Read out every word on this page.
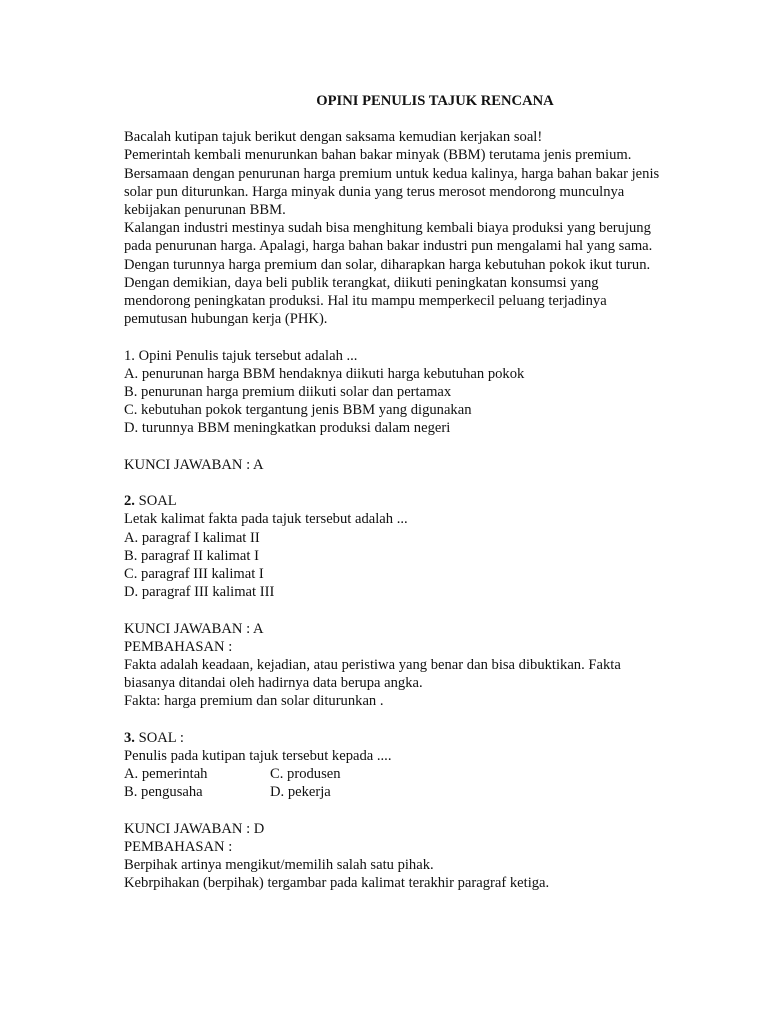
OPINI PENULIS TAJUK RENCANA
Bacalah kutipan tajuk berikut dengan saksama kemudian kerjakan soal!
Pemerintah kembali menurunkan bahan bakar minyak (BBM) terutama jenis premium.
Bersamaan dengan penurunan harga premium untuk kedua kalinya, harga bahan bakar jenis
solar pun diturunkan. Harga minyak dunia yang terus merosot mendorong munculnya
kebijakan penurunan BBM.
Kalangan industri mestinya sudah bisa menghitung kembali biaya produksi yang berujung
pada penurunan harga. Apalagi, harga bahan bakar industri pun mengalami hal yang sama.
Dengan turunnya harga premium dan solar, diharapkan harga kebutuhan pokok ikut turun.
Dengan demikian, daya beli publik terangkat, diikuti peningkatan konsumsi yang
mendorong peningkatan produksi. Hal itu mampu memperkecil peluang terjadinya
pemutusan hubungan kerja (PHK).
1. Opini Penulis tajuk tersebut adalah ...
A. penurunan harga BBM hendaknya diikuti harga kebutuhan pokok
B. penurunan harga premium diikuti solar dan pertamax
C. kebutuhan pokok tergantung jenis BBM yang digunakan
D. turunnya BBM meningkatkan produksi dalam negeri
KUNCI JAWABAN : A
2. SOAL
Letak kalimat fakta pada tajuk tersebut adalah ...
A. paragraf I kalimat II
B. paragraf II kalimat I
C. paragraf III kalimat I
D. paragraf III kalimat III
KUNCI JAWABAN : A
PEMBAHASAN :
Fakta adalah keadaan, kejadian, atau peristiwa yang benar dan bisa dibuktikan. Fakta
biasanya ditandai oleh hadirnya data berupa angka.
Fakta: harga premium dan solar diturunkan .
3. SOAL :
Penulis pada kutipan tajuk tersebut kepada ....
A. pemerintah	C. produsen
B. pengusaha	D. pekerja
KUNCI JAWABAN : D
PEMBAHASAN :
Berpihak artinya mengikut/memilih salah satu pihak.
Kebrpihakan (berpihak) tergambar pada kalimat terakhir paragraf ketiga.
